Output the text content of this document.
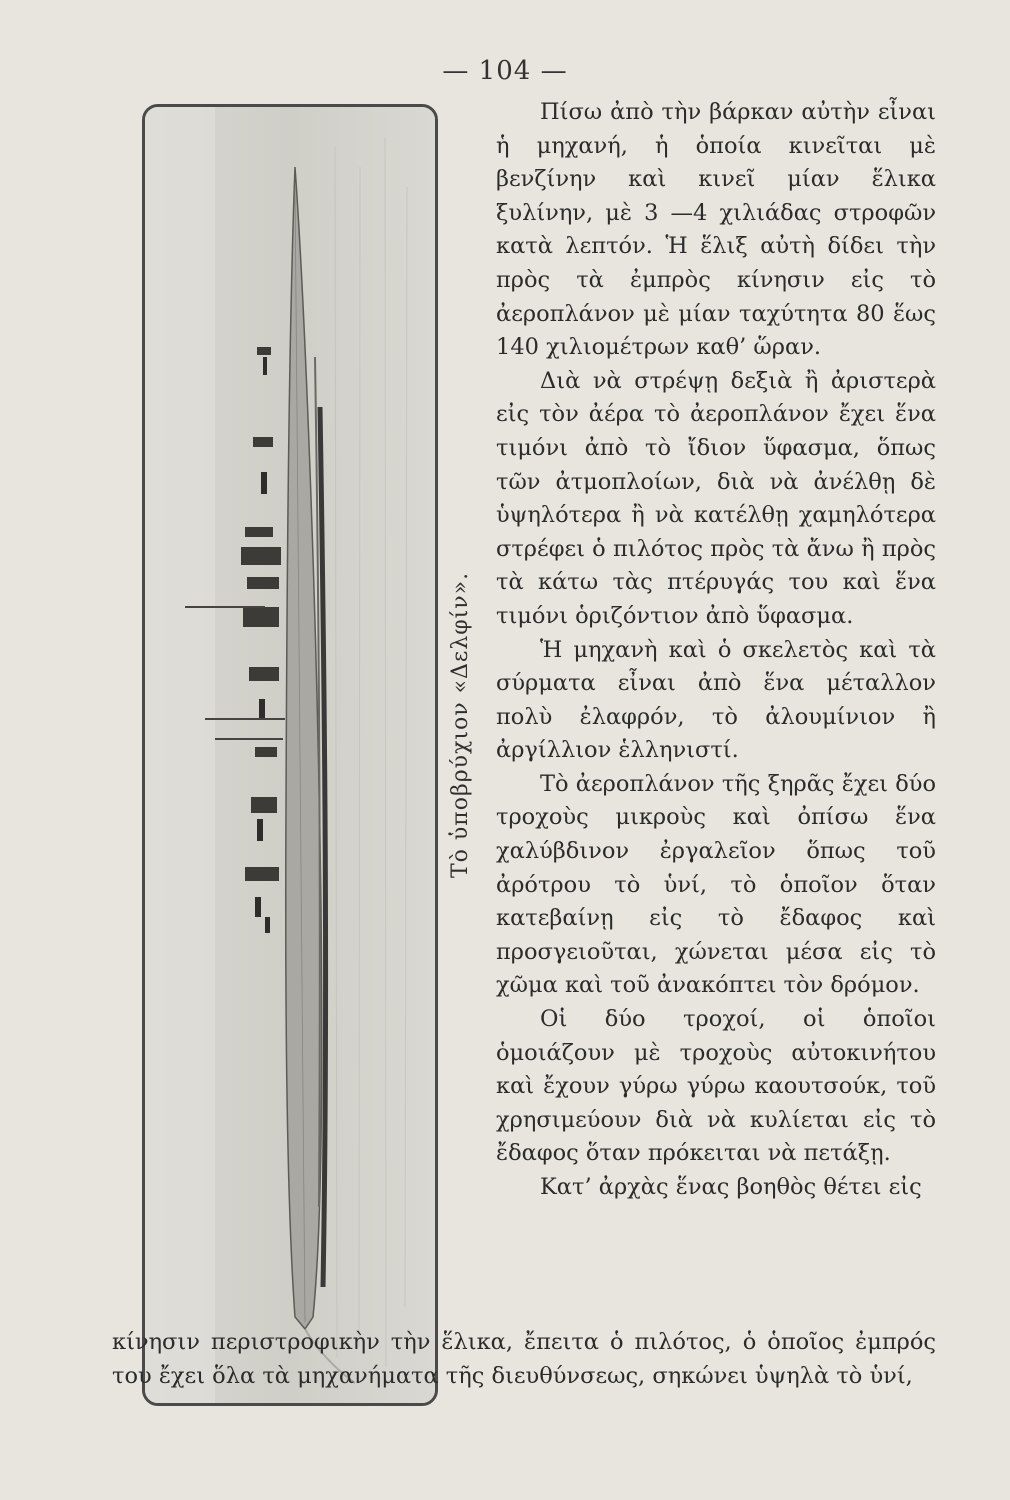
— 104 —
Τὸ ὑποβρύχιον «Δελφίν».

Πίσω ἀπὸ τὴν βάρκαν αὐτὴν εἶναι ἡ μηχανή, ἡ ὁποία κινεῖται μὲ βενζίνην καὶ κινεῖ μίαν ἕλικα ξυλίνην, μὲ 3 —4 χιλιάδας στροφῶν κατὰ λεπτόν. Ἡ ἕλιξ αὐτὴ δίδει τὴν πρὸς τὰ ἐμπρὸς κίνησιν εἰς τὸ ἀεροπλάνον μὲ μίαν ταχύτητα 80 ἕως 140 χιλιομέτρων καθ’ ὥραν.

Διὰ νὰ στρέψῃ δεξιὰ ἢ ἀριστερὰ εἰς τὸν ἀέρα τὸ ἀεροπλάνον ἔχει ἕνα τιμόνι ἀπὸ τὸ ἴδιον ὕφασμα, ὅπως τῶν ἀτμοπλοίων, διὰ νὰ ἀνέλθῃ δὲ ὑψηλότερα ἢ νὰ κατέλθῃ χαμηλότερα στρέφει ὁ πιλότος πρὸς τὰ ἄνω ἢ πρὸς τὰ κάτω τὰς πτέρυγάς του καὶ ἕνα τιμόνι ὁριζόντιον ἀπὸ ὕφασμα.

Ἡ μηχανὴ καὶ ὁ σκελετὸς καὶ τὰ σύρματα εἶναι ἀπὸ ἕνα μέταλλον πολὺ ἐλαφρόν, τὸ ἀλουμίνιον ἢ ἀργίλλιον ἑλληνιστί.

Τὸ ἀεροπλάνον τῆς ξηρᾶς ἔχει δύο τροχοὺς μικροὺς καὶ ὀπίσω ἕνα χαλύβδινον ἐργαλεῖον ὅπως τοῦ ἀρότρου τὸ ὑνί, τὸ ὁποῖον ὅταν κατεβαίνῃ εἰς τὸ ἔδαφος καὶ προσγειοῦται, χώνεται μέσα εἰς τὸ χῶμα καὶ τοῦ ἀνακόπτει τὸν δρόμον.

Οἱ δύο τροχοί, οἱ ὁποῖοι ὁμοιάζουν μὲ τροχοὺς αὐτοκινήτου καὶ ἔχουν γύρω γύρω καουτσούκ, τοῦ χρησιμεύουν διὰ νὰ κυλίεται εἰς τὸ ἔδαφος ὅταν πρόκειται νὰ πετάξῃ.

Κατ’ ἀρχὰς ἕνας βοηθὸς θέτει εἰς

κίνησιν περιστροφικὴν τὴν ἕλικα, ἔπειτα ὁ πιλότος, ὁ ὁποῖος ἐμπρός του ἔχει ὅλα τὰ μηχανήματα τῆς διευθύνσεως, σηκώνει ὑψηλὰ τὸ ὑνί,
